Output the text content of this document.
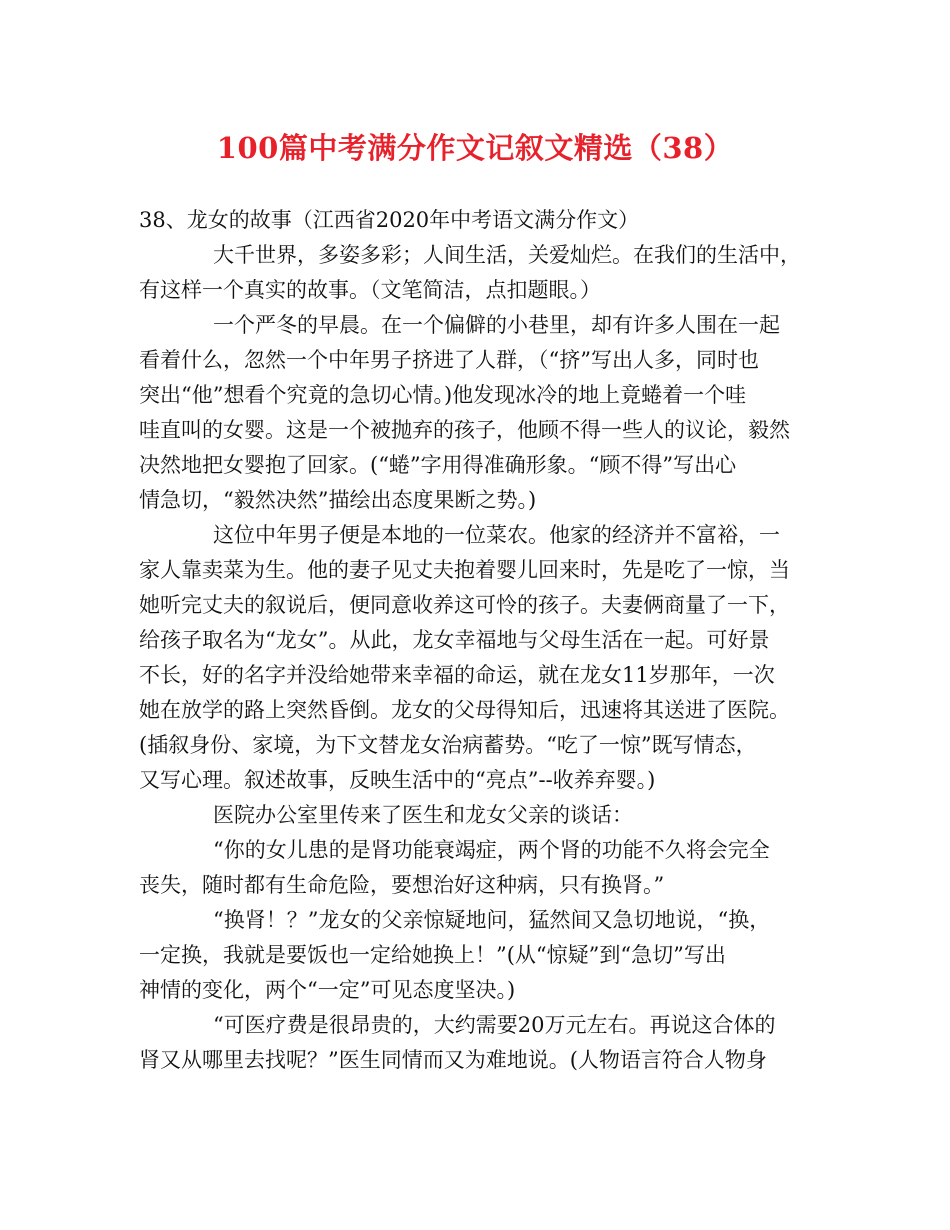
100篇中考满分作文记叙文精选（38）
38、龙女的故事（江西省2020年中考语文满分作文）
大千世界，多姿多彩；人间生活，关爱灿烂。在我们的生活中，
有这样一个真实的故事。（文笔简洁，点扣题眼。）
一个严冬的早晨。在一个偏僻的小巷里，却有许多人围在一起
看着什么，忽然一个中年男子挤进了人群，（“挤”写出人多，同时也
突出“他”想看个究竟的急切心情。)他发现冰冷的地上竟蜷着一个哇
哇直叫的女婴。这是一个被抛弃的孩子，他顾不得一些人的议论，毅然
决然地把女婴抱了回家。(“蜷”字用得准确形象。“顾不得”写出心
情急切，“毅然决然”描绘出态度果断之势。)
这位中年男子便是本地的一位菜农。他家的经济并不富裕，一
家人靠卖菜为生。他的妻子见丈夫抱着婴儿回来时，先是吃了一惊，当
她听完丈夫的叙说后，便同意收养这可怜的孩子。夫妻俩商量了一下，
给孩子取名为“龙女”。从此，龙女幸福地与父母生活在一起。可好景
不长，好的名字并没给她带来幸福的命运，就在龙女11岁那年，一次
她在放学的路上突然昏倒。龙女的父母得知后，迅速将其送进了医院。
(插叙身份、家境，为下文替龙女治病蓄势。“吃了一惊”既写情态，
又写心理。叙述故事，反映生活中的“亮点”--收养弃婴。)
医院办公室里传来了医生和龙女父亲的谈话：
“你的女儿患的是肾功能衰竭症，两个肾的功能不久将会完全
丧失，随时都有生命危险，要想治好这种病，只有换肾。”
“换肾！？”龙女的父亲惊疑地问，猛然间又急切地说，“换，
一定换，我就是要饭也一定给她换上！”(从“惊疑”到“急切”写出
神情的变化，两个“一定”可见态度坚决。)
“可医疗费是很昂贵的，大约需要20万元左右。再说这合体的
肾又从哪里去找呢？”医生同情而又为难地说。(人物语言符合人物身
